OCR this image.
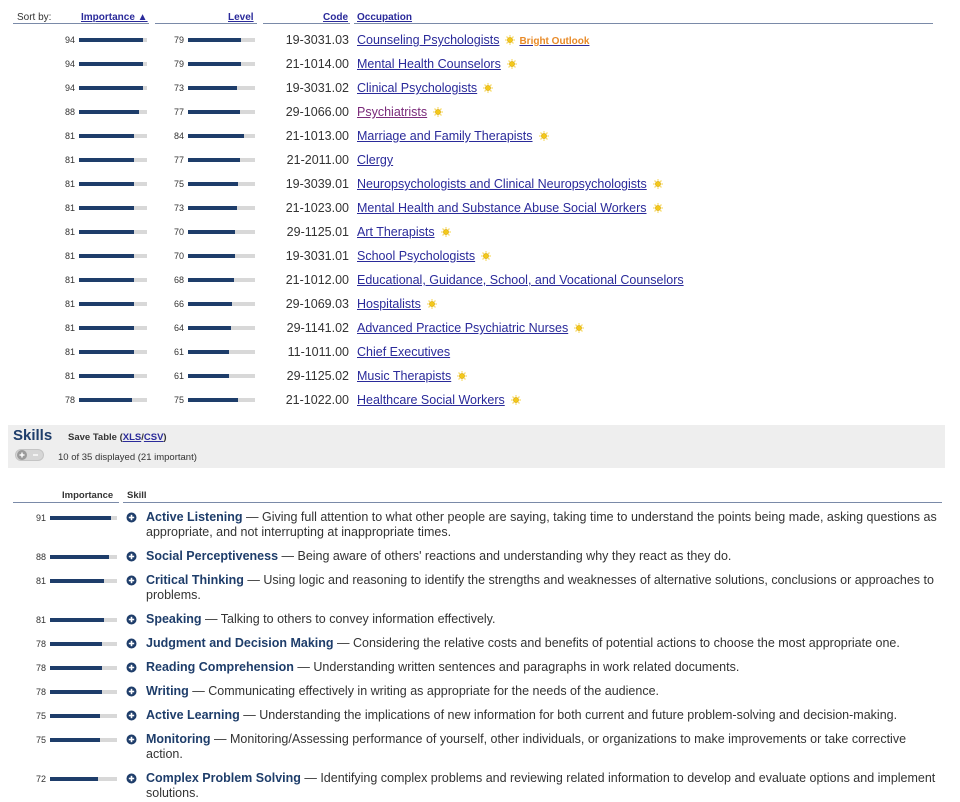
Sort by:	Importance ▲	Level	Code Occupation
94	79	19-3031.03 Counseling Psychologists Bright Outlook
94	79	21-1014.00 Mental Health Counselors
94	73	19-3031.02 Clinical Psychologists
88	77	29-1066.00 Psychiatrists
81	84	21-1013.00 Marriage and Family Therapists
81	77	21-2011.00 Clergy
81	75	19-3039.01 Neuropsychologists and Clinical Neuropsychologists
81	73	21-1023.00 Mental Health and Substance Abuse Social Workers
81	70	29-1125.01 Art Therapists
81	70	19-3031.01 School Psychologists
81	68	21-1012.00 Educational, Guidance, School, and Vocational Counselors
81	66	29-1069.03 Hospitalists
81	64	29-1141.02 Advanced Practice Psychiatric Nurses
81	61	11-1011.00 Chief Executives
81	61	29-1125.02 Music Therapists
78	75	21-1022.00 Healthcare Social Workers
Skills Save Table (XLS/CSV)
10 of 35 displayed (21 important)
Importance Skill
91	Active Listening — Giving full attention to what other people are saying, taking time to understand the points being made, asking questions as appropriate, and not interrupting at inappropriate times.
88	Social Perceptiveness — Being aware of others' reactions and understanding why they react as they do.
81	Critical Thinking — Using logic and reasoning to identify the strengths and weaknesses of alternative solutions, conclusions or approaches to problems.
81	Speaking — Talking to others to convey information effectively.
78	Judgment and Decision Making — Considering the relative costs and benefits of potential actions to choose the most appropriate one.
78	Reading Comprehension — Understanding written sentences and paragraphs in work related documents.
78	Writing — Communicating effectively in writing as appropriate for the needs of the audience.
75	Active Learning — Understanding the implications of new information for both current and future problem-solving and decision-making.
75	Monitoring — Monitoring/Assessing performance of yourself, other individuals, or organizations to make improvements or take corrective action.
72	Complex Problem Solving — Identifying complex problems and reviewing related information to develop and evaluate options and implement solutions.
